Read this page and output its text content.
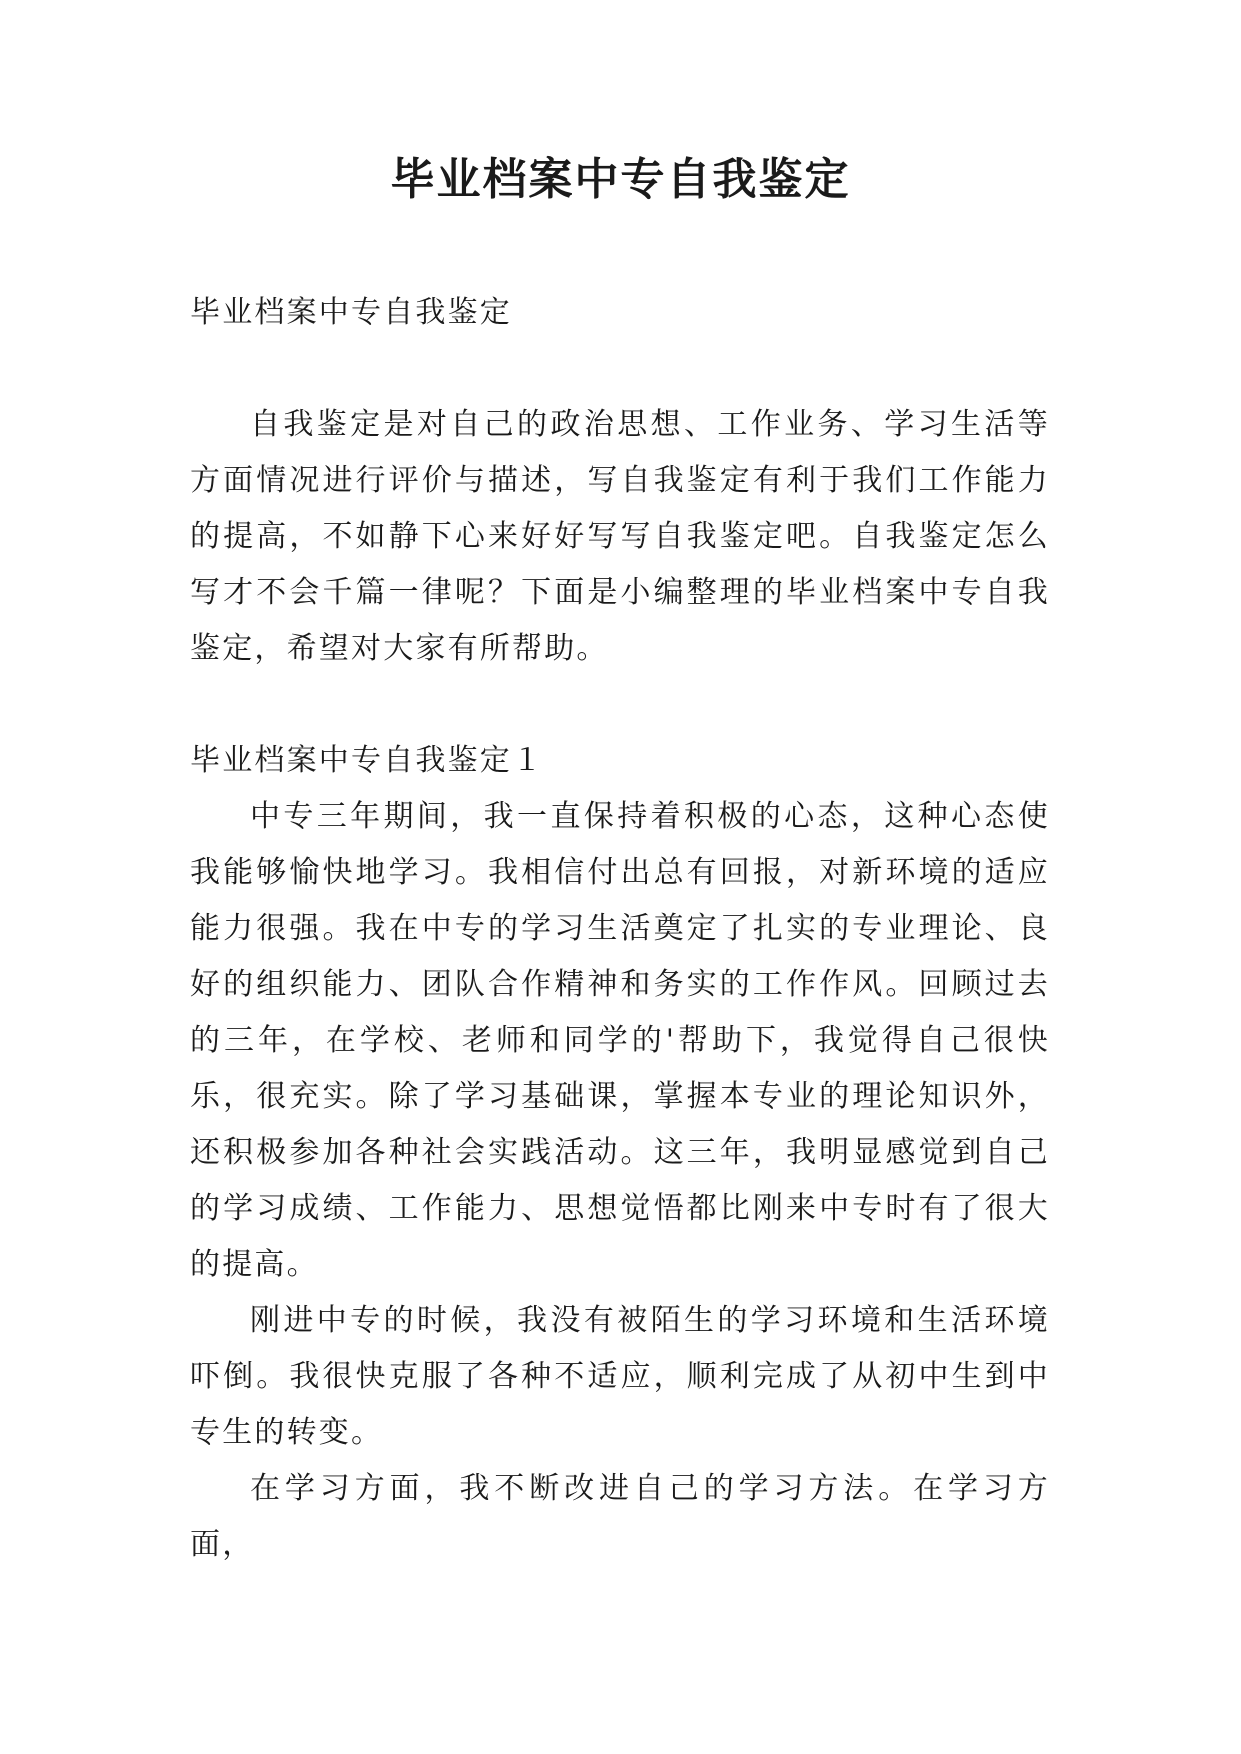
毕业档案中专自我鉴定

毕业档案中专自我鉴定

自我鉴定是对自己的政治思想、工作业务、学习生活等方面情况进行评价与描述，写自我鉴定有利于我们工作能力的提高，不如静下心来好好写写自我鉴定吧。自我鉴定怎么写才不会千篇一律呢？下面是小编整理的毕业档案中专自我鉴定，希望对大家有所帮助。

毕业档案中专自我鉴定１

中专三年期间，我一直保持着积极的心态，这种心态使我能够愉快地学习。我相信付出总有回报，对新环境的适应能力很强。我在中专的学习生活奠定了扎实的专业理论、良好的组织能力、团队合作精神和务实的工作作风。回顾过去的三年，在学校、老师和同学的'帮助下，我觉得自己很快乐，很充实。除了学习基础课，掌握本专业的理论知识外，还积极参加各种社会实践活动。这三年，我明显感觉到自己的学习成绩、工作能力、思想觉悟都比刚来中专时有了很大的提高。

刚进中专的时候，我没有被陌生的学习环境和生活环境吓倒。我很快克服了各种不适应，顺利完成了从初中生到中专生的转变。

在学习方面，我不断改进自己的学习方法。在学习方面，
